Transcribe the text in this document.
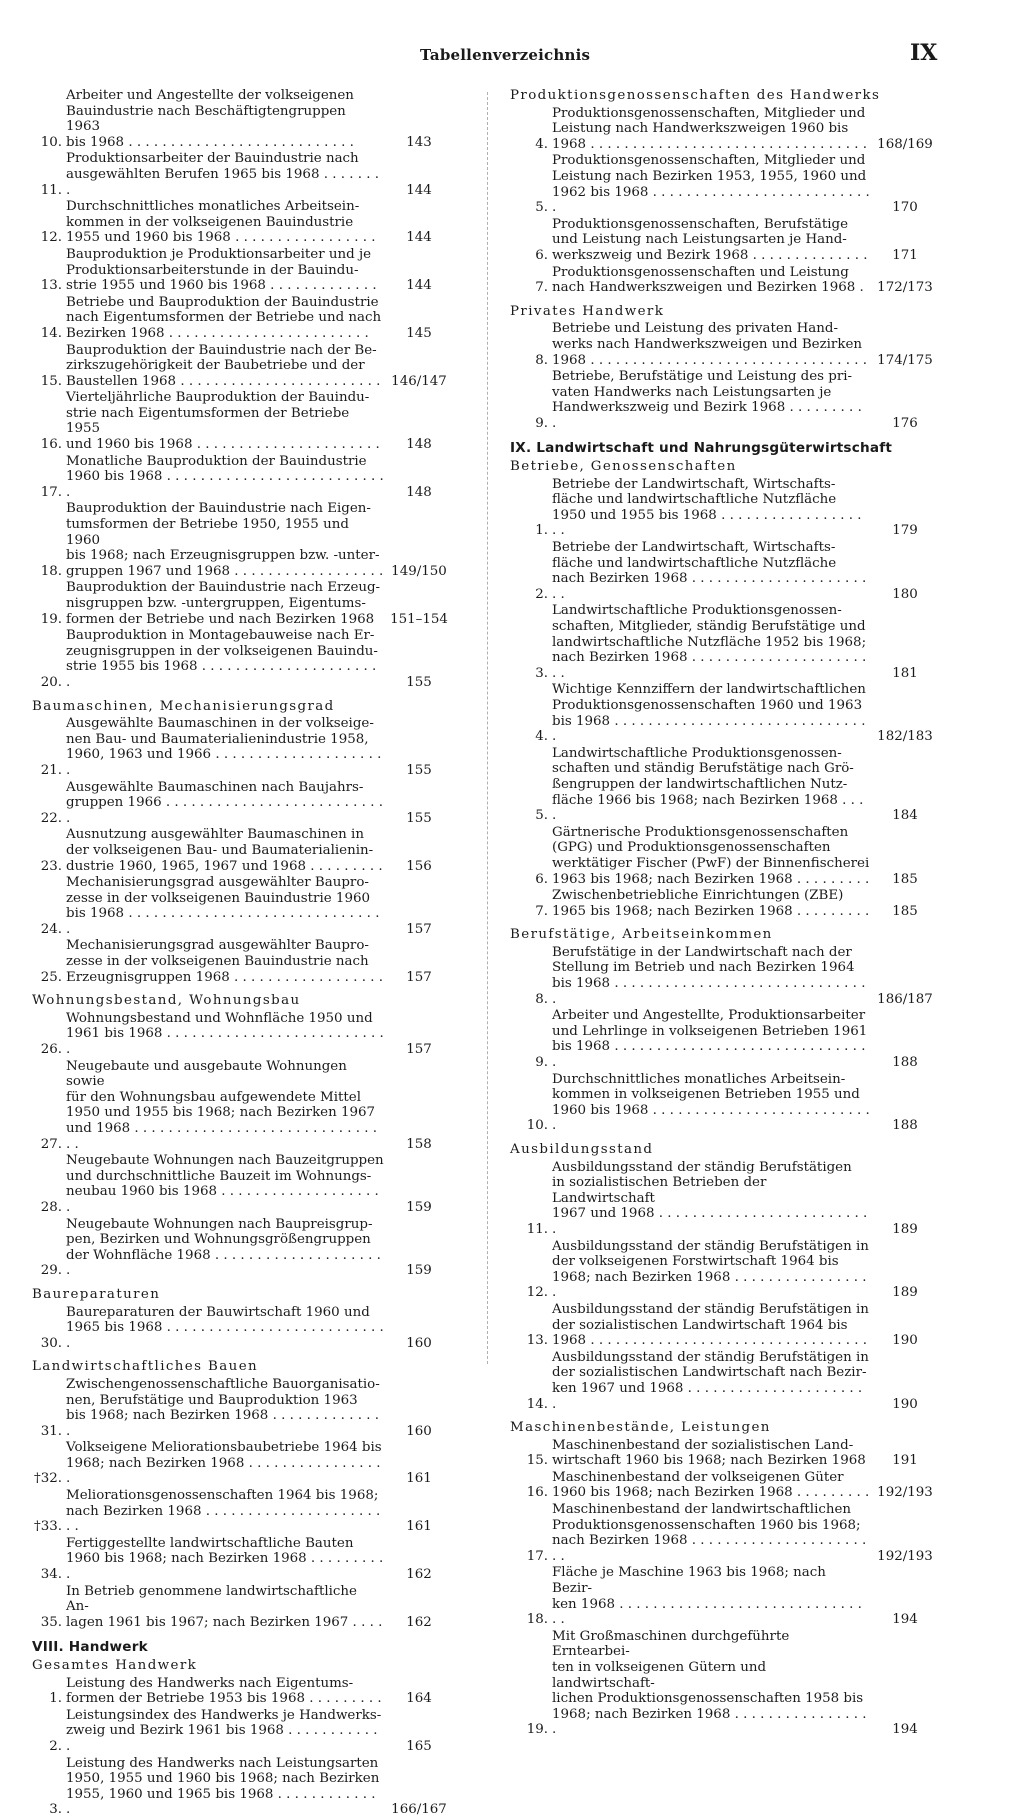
Tabellenverzeichnis	IX
10.
Arbeiter und Angestellte der volkseigenen
Bauindustrie nach Beschäftigtengruppen 1963
bis 1968 . . . . . . . . . . . . . . . . . . . . . . . . . . .	143
11.
Produktionsarbeiter der Bauindustrie nach
ausgewählten Berufen 1965 bis 1968 . . . . . . . .	144
12.
Durchschnittliches monatliches Arbeitsein-
kommen in der volkseigenen Bauindustrie
1955 und 1960 bis 1968 . . . . . . . . . . . . . . . . .	144
13.
Bauproduktion je Produktionsarbeiter und je
Produktionsarbeiterstunde in der Bauindu-
strie 1955 und 1960 bis 1968 . . . . . . . . . . . . .	144
14.
Betriebe und Bauproduktion der Bauindustrie
nach Eigentumsformen der Betriebe und nach
Bezirken 1968 . . . . . . . . . . . . . . . . . . . . . . . .	145
15.
Bauproduktion der Bauindustrie nach der Be-
zirkszugehörigkeit der Baubetriebe und der
Baustellen 1968 . . . . . . . . . . . . . . . . . . . . . . . . 146/147
16.
Vierteljährliche Bauproduktion der Bauindu-
strie nach Eigentumsformen der Betriebe 1955
und 1960 bis 1968 . . . . . . . . . . . . . . . . . . . . . .	148
17.
Monatliche Bauproduktion der Bauindustrie
1960 bis 1968 . . . . . . . . . . . . . . . . . . . . . . . . . . .	148
18.
Bauproduktion der Bauindustrie nach Eigen-
tumsformen der Betriebe 1950, 1955 und 1960
bis 1968; nach Erzeugnisgruppen bzw. -unter-
gruppen 1967 und 1968 . . . . . . . . . . . . . . . . . . 149/150
19.
Bauproduktion der Bauindustrie nach Erzeug-
nisgruppen bzw. -untergruppen, Eigentums-
formen der Betriebe und nach Bezirken 1968	151–154
20.
Bauproduktion in Montagebauweise nach Er-
zeugnisgruppen in der volkseigenen Bauindu-
strie 1955 bis 1968 . . . . . . . . . . . . . . . . . . . . . .	155
Baumaschinen, Mechanisierungsgrad
21.
Ausgewählte Baumaschinen in der volkseige-
nen Bau- und Baumaterialienindustrie 1958,
1960, 1963 und 1966 . . . . . . . . . . . . . . . . . . . . .	155
22.
Ausgewählte Baumaschinen nach Baujahrs-
gruppen 1966 . . . . . . . . . . . . . . . . . . . . . . . . . . .	155
23.
Ausnutzung ausgewählter Baumaschinen in
der volkseigenen Bau- und Baumaterialienin-
dustrie 1960, 1965, 1967 und 1968 . . . . . . . . .	156
24.
Mechanisierungsgrad ausgewählter Baupro-
zesse in der volkseigenen Bauindustrie 1960
bis 1968 . . . . . . . . . . . . . . . . . . . . . . . . . . . . . . .	157
25.
Mechanisierungsgrad ausgewählter Baupro-
zesse in der volkseigenen Bauindustrie nach
Erzeugnisgruppen 1968 . . . . . . . . . . . . . . . . . .	157
Wohnungsbestand, Wohnungsbau
26.
Wohnungsbestand und Wohnfläche 1950 und
1961 bis 1968 . . . . . . . . . . . . . . . . . . . . . . . . . . .	157
27.
Neugebaute und ausgebaute Wohnungen sowie
für den Wohnungsbau aufgewendete Mittel
1950 und 1955 bis 1968; nach Bezirken 1967
und 1968 . . . . . . . . . . . . . . . . . . . . . . . . . . . . . . .	158
28.
Neugebaute Wohnungen nach Bauzeitgruppen
und durchschnittliche Bauzeit im Wohnungs-
neubau 1960 bis 1968 . . . . . . . . . . . . . . . . . . . .	159
29.
Neugebaute Wohnungen nach Baupreisgrup-
pen, Bezirken und Wohnungsgrößengruppen
der Wohnfläche 1968 . . . . . . . . . . . . . . . . . . . . .	159
Baureparaturen
30.
Baureparaturen der Bauwirtschaft 1960 und
1965 bis 1968 . . . . . . . . . . . . . . . . . . . . . . . . . . .	160
Landwirtschaftliches Bauen
31.
Zwischengenossenschaftliche Bauorganisatio-
nen, Berufstätige und Bauproduktion 1963
bis 1968; nach Bezirken 1968 . . . . . . . . . . . . . .	160
†32.
Volkseigene Meliorationsbaubetriebe 1964 bis
1968; nach Bezirken 1968 . . . . . . . . . . . . . . . . .	161
†33.
Meliorationsgenossenschaften 1964 bis 1968;
nach Bezirken 1968 . . . . . . . . . . . . . . . . . . . . . . .	161
34.
Fertiggestellte landwirtschaftliche Bauten
1960 bis 1968; nach Bezirken 1968 . . . . . . . . . .	162
35.
In Betrieb genommene landwirtschaftliche An-
lagen 1961 bis 1967; nach Bezirken 1967 . . . .	162
VIII. Handwerk
Gesamtes Handwerk
1.
Leistung des Handwerks nach Eigentums-
formen der Betriebe 1953 bis 1968 . . . . . . . . .	164
2.
Leistungsindex des Handwerks je Handwerks-
zweig und Bezirk 1961 bis 1968 . . . . . . . . . . . .	165
3.
Leistung des Handwerks nach Leistungsarten
1950, 1955 und 1960 bis 1968; nach Bezirken
1955, 1960 und 1965 bis 1968 . . . . . . . . . . . . .	166/167
Produktionsgenossenschaften des Handwerks
4.
Produktionsgenossenschaften, Mitglieder und
Leistung nach Handwerkszweigen 1960 bis
1968 . . . . . . . . . . . . . . . . . . . . . . . . . . . . . . . . . 168/169
5.
Produktionsgenossenschaften, Mitglieder und
Leistung nach Bezirken 1953, 1955, 1960 und
1962 bis 1968 . . . . . . . . . . . . . . . . . . . . . . . . . . .	170
6.
Produktionsgenossenschaften, Berufstätige
und Leistung nach Leistungsarten je Hand-
werkszweig und Bezirk 1968 . . . . . . . . . . . . . .	171
7.
Produktionsgenossenschaften und Leistung
nach Handwerkszweigen und Bezirken 1968 . 172/173
Privates Handwerk
8.
Betriebe und Leistung des privaten Hand-
werks nach Handwerkszweigen und Bezirken
1968 . . . . . . . . . . . . . . . . . . . . . . . . . . . . . . . . . 174/175
9.
Betriebe, Berufstätige und Leistung des pri-
vaten Handwerks nach Leistungsarten je
Handwerkszweig und Bezirk 1968 . . . . . . . . . .	176
IX. Landwirtschaft und Nahrungsgüterwirtschaft
Betriebe, Genossenschaften
1.
Betriebe der Landwirtschaft, Wirtschafts-
fläche und landwirtschaftliche Nutzfläche
1950 und 1955 bis 1968 . . . . . . . . . . . . . . . . . . .	179
2.
Betriebe der Landwirtschaft, Wirtschafts-
fläche und landwirtschaftliche Nutzfläche
nach Bezirken 1968 . . . . . . . . . . . . . . . . . . . . . . .	180
3.
Landwirtschaftliche Produktionsgenossen-
schaften, Mitglieder, ständig Berufstätige und
landwirtschaftliche Nutzfläche 1952 bis 1968;
nach Bezirken 1968 . . . . . . . . . . . . . . . . . . . . . . .	181
4.
Wichtige Kennziffern der landwirtschaftlichen
Produktionsgenossenschaften 1960 und 1963
bis 1968 . . . . . . . . . . . . . . . . . . . . . . . . . . . . . . .	182/183
5.
Landwirtschaftliche Produktionsgenossen-
schaften und ständig Berufstätige nach Grö-
ßengruppen der landwirtschaftlichen Nutz-
fläche 1966 bis 1968; nach Bezirken 1968 . . . .	184
6.
Gärtnerische Produktionsgenossenschaften
(GPG) und Produktionsgenossenschaften
werktätiger Fischer (PwF) der Binnenfischerei
1963 bis 1968; nach Bezirken 1968 . . . . . . . . .	185
7.
Zwischenbetriebliche Einrichtungen (ZBE)
1965 bis 1968; nach Bezirken 1968 . . . . . . . . .	185
Berufstätige, Arbeitseinkommen
8.
Berufstätige in der Landwirtschaft nach der
Stellung im Betrieb und nach Bezirken 1964
bis 1968 . . . . . . . . . . . . . . . . . . . . . . . . . . . . . . .	186/187
9.
Arbeiter und Angestellte, Produktionsarbeiter
und Lehrlinge in volkseigenen Betrieben 1961
bis 1968 . . . . . . . . . . . . . . . . . . . . . . . . . . . . . . .	188
10.
Durchschnittliches monatliches Arbeitsein-
kommen in volkseigenen Betrieben 1955 und
1960 bis 1968 . . . . . . . . . . . . . . . . . . . . . . . . . . .	188
Ausbildungsstand
11.
Ausbildungsstand der ständig Berufstätigen
in sozialistischen Betrieben der Landwirtschaft
1967 und 1968 . . . . . . . . . . . . . . . . . . . . . . . . . .	189
12.
Ausbildungsstand der ständig Berufstätigen in
der volkseigenen Forstwirtschaft 1964 bis
1968; nach Bezirken 1968 . . . . . . . . . . . . . . . . .	189
13.
Ausbildungsstand der ständig Berufstätigen in
der sozialistischen Landwirtschaft 1964 bis
1968 . . . . . . . . . . . . . . . . . . . . . . . . . . . . . . . . .	190
14.
Ausbildungsstand der ständig Berufstätigen in
der sozialistischen Landwirtschaft nach Bezir-
ken 1967 und 1968 . . . . . . . . . . . . . . . . . . . . . .	190
Maschinenbestände, Leistungen
15.
Maschinenbestand der sozialistischen Land-
wirtschaft 1960 bis 1968; nach Bezirken 1968	191
16.
Maschinenbestand der volkseigenen Güter
1960 bis 1968; nach Bezirken 1968 . . . . . . . . . 192/193
17.
Maschinenbestand der landwirtschaftlichen
Produktionsgenossenschaften 1960 bis 1968;
nach Bezirken 1968 . . . . . . . . . . . . . . . . . . . . . . .	192/193
18.
Fläche je Maschine 1963 bis 1968; nach Bezir-
ken 1968 . . . . . . . . . . . . . . . . . . . . . . . . . . . . . . .	194
19.
Mit Großmaschinen durchgeführte Erntearbei-
ten in volkseigenen Gütern und landwirtschaft-
lichen Produktionsgenossenschaften 1958 bis
1968; nach Bezirken 1968 . . . . . . . . . . . . . . . . .	194
